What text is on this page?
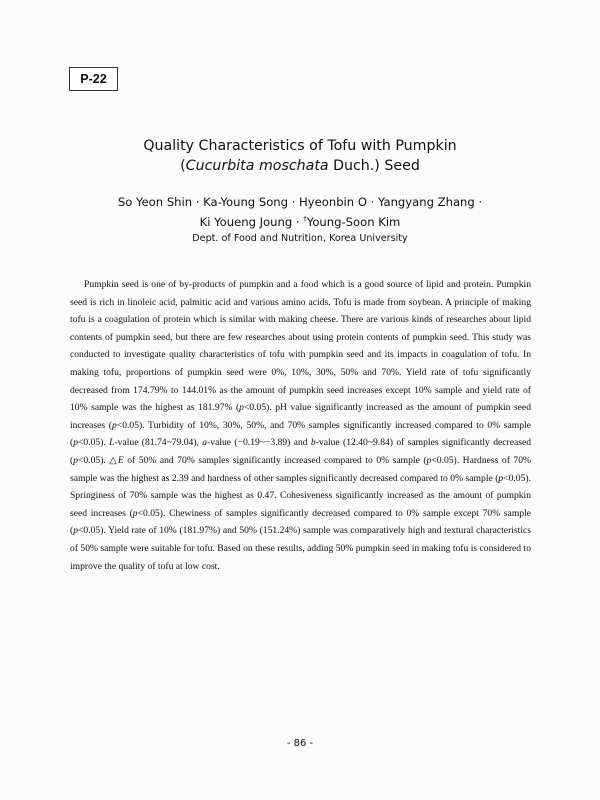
P-22
Quality Characteristics of Tofu with Pumpkin
(Cucurbita moschata Duch.) Seed
So Yeon Shin · Ka-Young Song · Hyeonbin O · Yangyang Zhang ·
Ki Youeng Joung · †Young-Soon Kim
Dept. of Food and Nutrition, Korea University

Pumpkin seed is one of by-products of pumpkin and a food which is a good source of lipid and protein. Pumpkin seed is rich in linoleic acid, palmitic acid and various amino acids. Tofu is made from soybean. A principle of making tofu is a coagulation of protein which is similar with making cheese. There are various kinds of researches about lipid contents of pumpkin seed, but there are few researches about using protein contents of pumpkin seed. This study was conducted to investigate quality characteristics of tofu with pumpkin seed and its impacts in coagulation of tofu. In making tofu, proportions of pumpkin seed were 0%, 10%, 30%, 50% and 70%. Yield rate of tofu significantly decreased from 174.79% to 144.01% as the amount of pumpkin seed increases except 10% sample and yield rate of 10% sample was the highest as 181.97% (p<0.05). pH value significantly increased as the amount of pumpkin seed increases (p<0.05). Turbidity of 10%, 30%, 50%, and 70% samples significantly increased compared to 0% sample (p<0.05). L-value (81.74~79.04), a-value (−0.19~−3.89) and b-value (12.40~9.84) of samples significantly decreased (p<0.05). △E of 50% and 70% samples significantly increased compared to 0% sample (p<0.05). Hardness of 70% sample was the highest as 2.39 and hardness of other samples significantly decreased compared to 0% sample (p<0.05). Springiness of 70% sample was the highest as 0.47. Cohesiveness significantly increased as the amount of pumpkin seed increases (p<0.05). Chewiness of samples significantly decreased compared to 0% sample except 70% sample (p<0.05). Yield rate of 10% (181.97%) and 50% (151.24%) sample was comparatively high and textural characteristics of 50% sample were suitable for tofu. Based on these results, adding 50% pumpkin seed in making tofu is considered to improve the quality of tofu at low cost.

- 86 -
